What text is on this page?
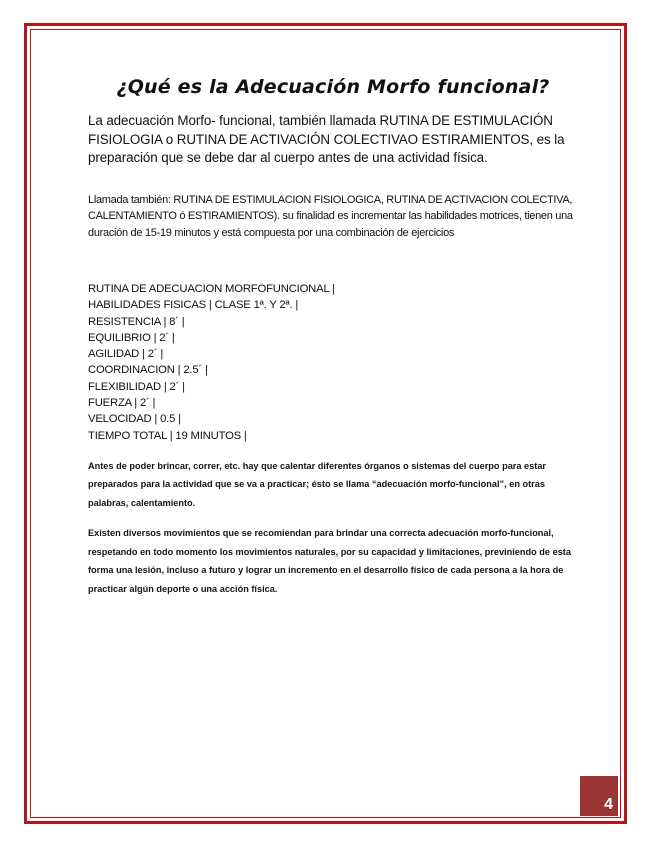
¿Qué es la Adecuación Morfo funcional?

La adecuación Morfo- funcional, también llamada RUTINA DE ESTIMULACIÓN FISIOLOGIA o RUTINA DE ACTIVACIÓN COLECTIVAO ESTIRAMIENTOS, es la preparación que se debe dar al cuerpo antes de una actividad física.

Llamada también: RUTINA DE ESTIMULACION FISIOLOGICA, RUTINA DE ACTIVACION COLECTIVA, CALENTAMIENTO ó ESTIRAMIENTOS). su finalidad es incrementar las habilidades motrices, tienen una duración de 15-19 minutos y está compuesta por una combinación de ejercicios

RUTINA DE ADECUACION MORFOFUNCIONAL |
HABILIDADES FISICAS | CLASE 1ª. Y 2ª. |
RESISTENCIA | 8´ |
EQUILIBRIO | 2´ |
AGILIDAD | 2´ |
COORDINACION | 2.5´ |
FLEXIBILIDAD | 2´ |
FUERZA | 2´ |
VELOCIDAD | 0.5 |
TIEMPO TOTAL | 19 MINUTOS |

Antes de poder brincar, correr, etc. hay que calentar diferentes órganos o sistemas del cuerpo para estar preparados para la actividad que se va a practicar; ésto se llama “adecuación morfo-funcional”, en otras palabras, calentamiento.

Existen diversos movimientos que se recomiendan para brindar una correcta adecuación morfo-funcional, respetando en todo momento los movimientos naturales, por su capacidad y limitaciones, previniendo de esta forma una lesión, incluso a futuro y lograr un incremento en el desarrollo físico de cada persona a la hora de practicar algún deporte o una acción física.

4
